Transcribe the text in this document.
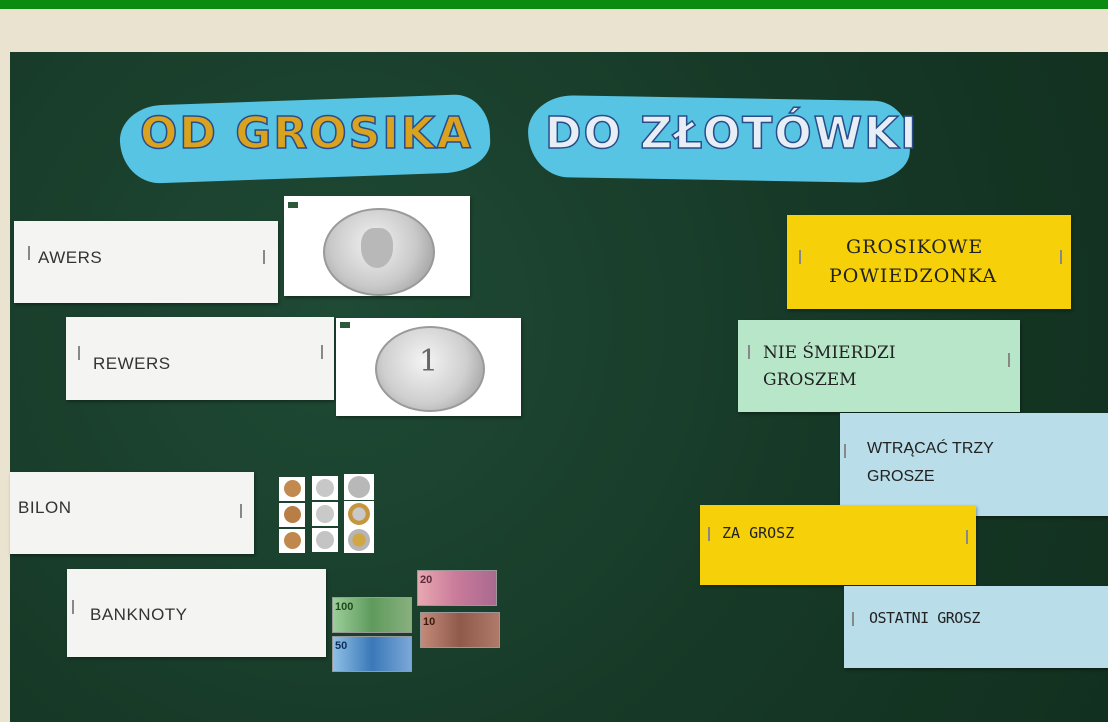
OD GROSIKA DO ZŁOTÓWKI
AWERS
REWERS	1
BILON
BANKNOTY
20
100
10
50
GROSIKOWE
POWIEDZONKA
NIE ŚMIERDZI
GROSZEM
WTRĄCAĆ TRZY
GROSZE
ZA GROSZ
OSTATNI GROSZ
